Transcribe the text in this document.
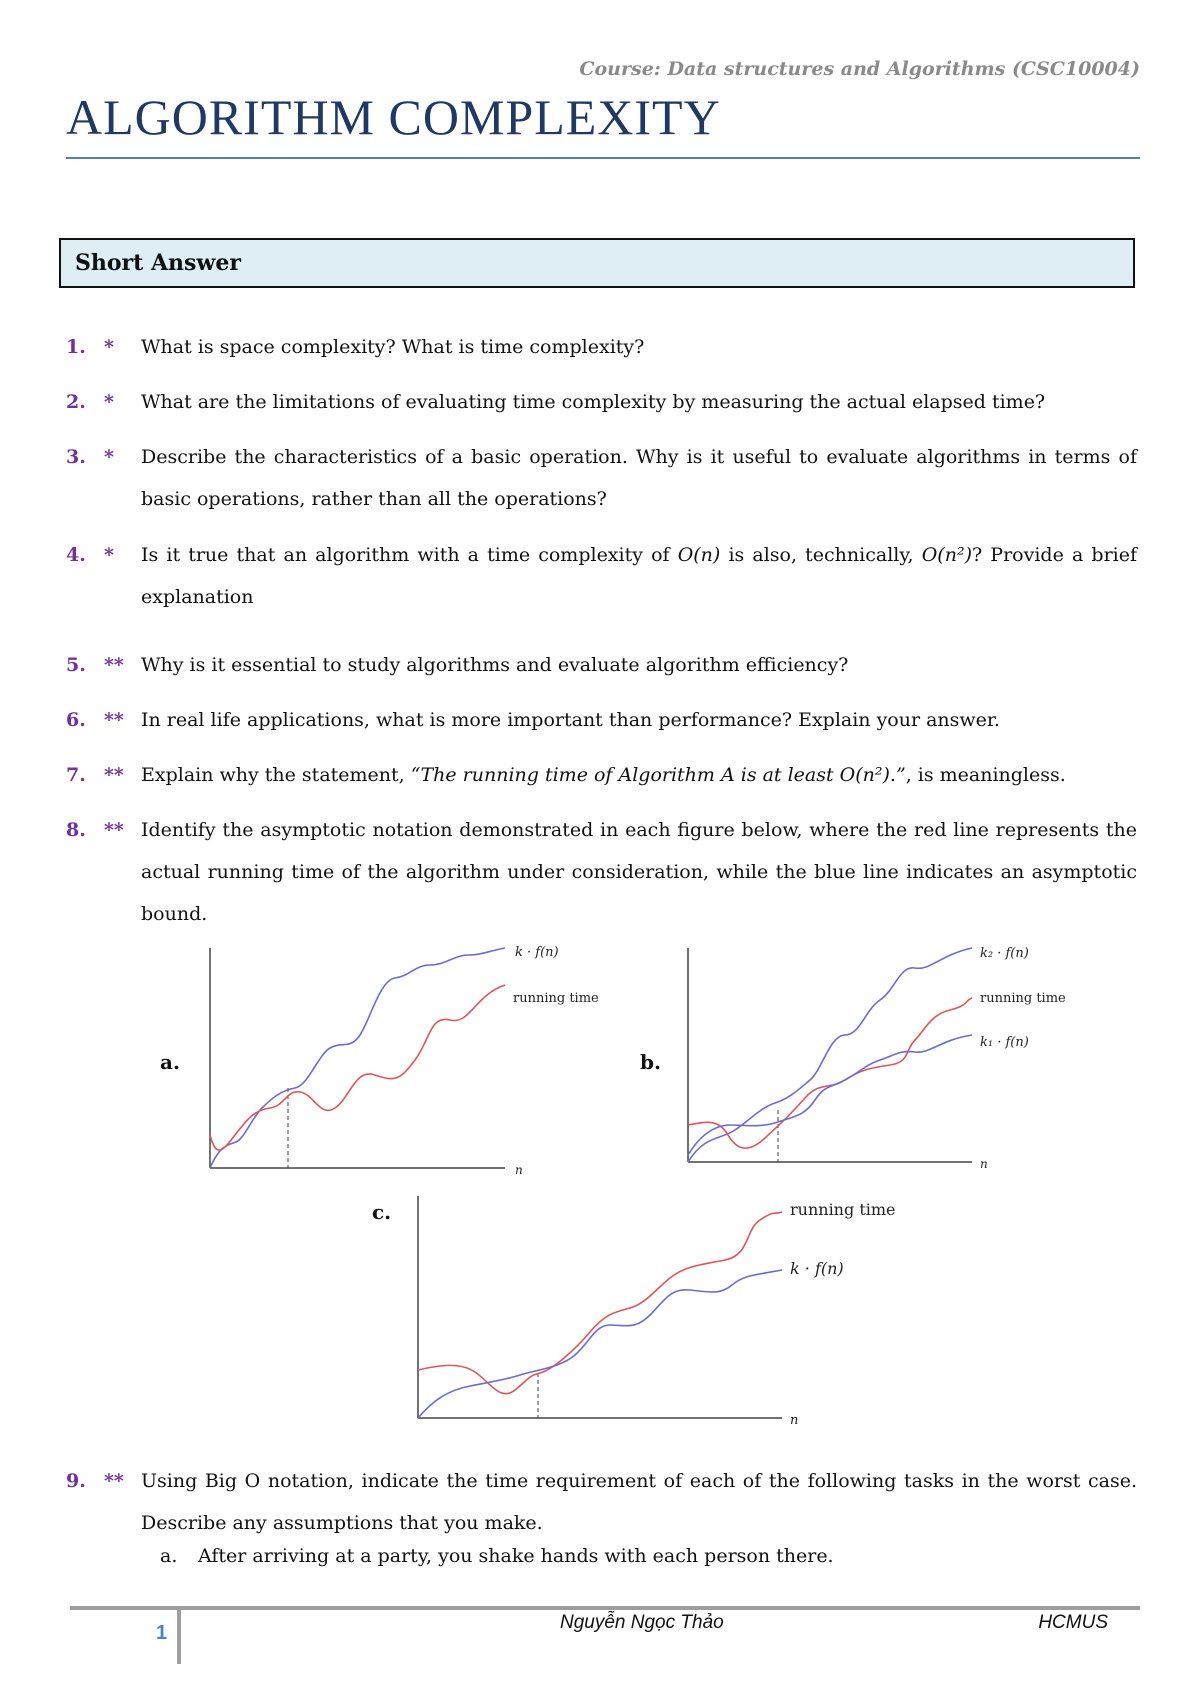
Course: Data structures and Algorithms (CSC10004)
ALGORITHM COMPLEXITY
Short Answer
1. * What is space complexity? What is time complexity?
2. * What are the limitations of evaluating time complexity by measuring the actual elapsed time?
3. * Describe the characteristics of a basic operation. Why is it useful to evaluate algorithms in terms of basic operations, rather than all the operations?
4. * Is it true that an algorithm with a time complexity of O(n) is also, technically, O(n²)? Provide a brief explanation
5. ** Why is it essential to study algorithms and evaluate algorithm efficiency?
6. ** In real life applications, what is more important than performance? Explain your answer.
7. ** Explain why the statement, “The running time of Algorithm A is at least O(n²).”, is meaningless.
8. ** Identify the asymptotic notation demonstrated in each figure below, where the red line represents the actual running time of the algorithm under consideration, while the blue line indicates an asymptotic bound.
a.
k · f(n)
running time
n
b.
k₂ · f(n)
running time
k₁ · f(n)
n
c.	running time
k · f(n)
n
9. ** Using Big O notation, indicate the time requirement of each of the following tasks in the worst case. Describe any assumptions that you make.
a. After arriving at a party, you shake hands with each person there.
1	Nguyễn Ngọc Thảo	HCMUS
